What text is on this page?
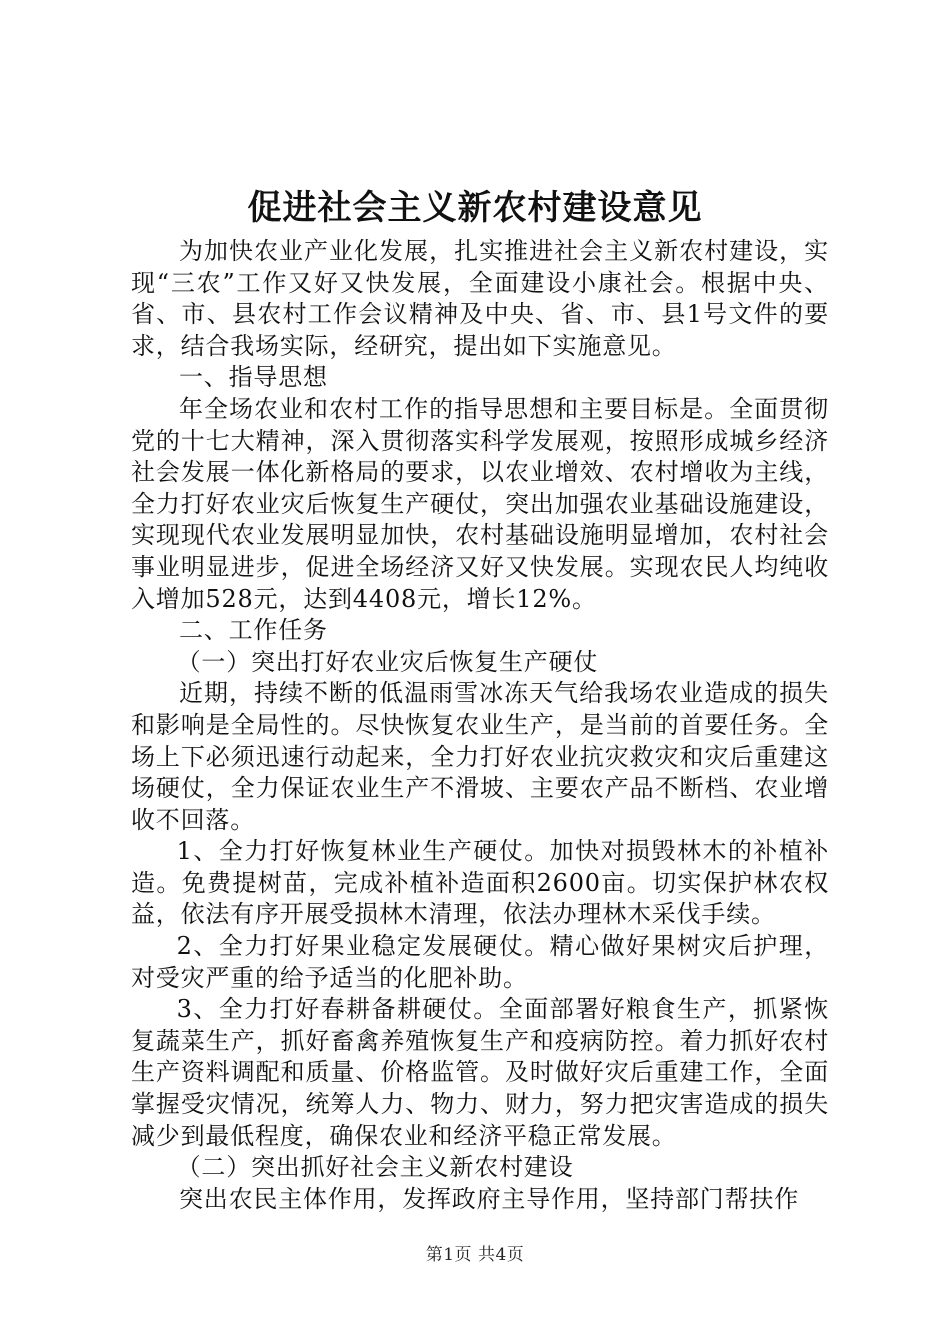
促进社会主义新农村建设意见

为加快农业产业化发展，扎实推进社会主义新农村建设，实现“三农”工作又好又快发展，全面建设小康社会。根据中央、省、市、县农村工作会议精神及中央、省、市、县1号文件的要求，结合我场实际，经研究，提出如下实施意见。

一、指导思想

年全场农业和农村工作的指导思想和主要目标是。全面贯彻党的十七大精神，深入贯彻落实科学发展观，按照形成城乡经济社会发展一体化新格局的要求，以农业增效、农村增收为主线，全力打好农业灾后恢复生产硬仗，突出加强农业基础设施建设，实现现代农业发展明显加快，农村基础设施明显增加，农村社会事业明显进步，促进全场经济又好又快发展。实现农民人均纯收入增加528元，达到4408元，增长12%。

二、工作任务

（一）突出打好农业灾后恢复生产硬仗

近期，持续不断的低温雨雪冰冻天气给我场农业造成的损失和影响是全局性的。尽快恢复农业生产，是当前的首要任务。全场上下必须迅速行动起来，全力打好农业抗灾救灾和灾后重建这场硬仗，全力保证农业生产不滑坡、主要农产品不断档、农业增收不回落。

1、全力打好恢复林业生产硬仗。加快对损毁林木的补植补造。免费提树苗，完成补植补造面积2600亩。切实保护林农权益，依法有序开展受损林木清理，依法办理林木采伐手续。

2、全力打好果业稳定发展硬仗。精心做好果树灾后护理，对受灾严重的给予适当的化肥补助。

3、全力打好春耕备耕硬仗。全面部署好粮食生产，抓紧恢复蔬菜生产，抓好畜禽养殖恢复生产和疫病防控。着力抓好农村生产资料调配和质量、价格监管。及时做好灾后重建工作，全面掌握受灾情况，统筹人力、物力、财力，努力把灾害造成的损失减少到最低程度，确保农业和经济平稳正常发展。

（二）突出抓好社会主义新农村建设

突出农民主体作用，发挥政府主导作用，坚持部门帮扶作

第1页 共4页
